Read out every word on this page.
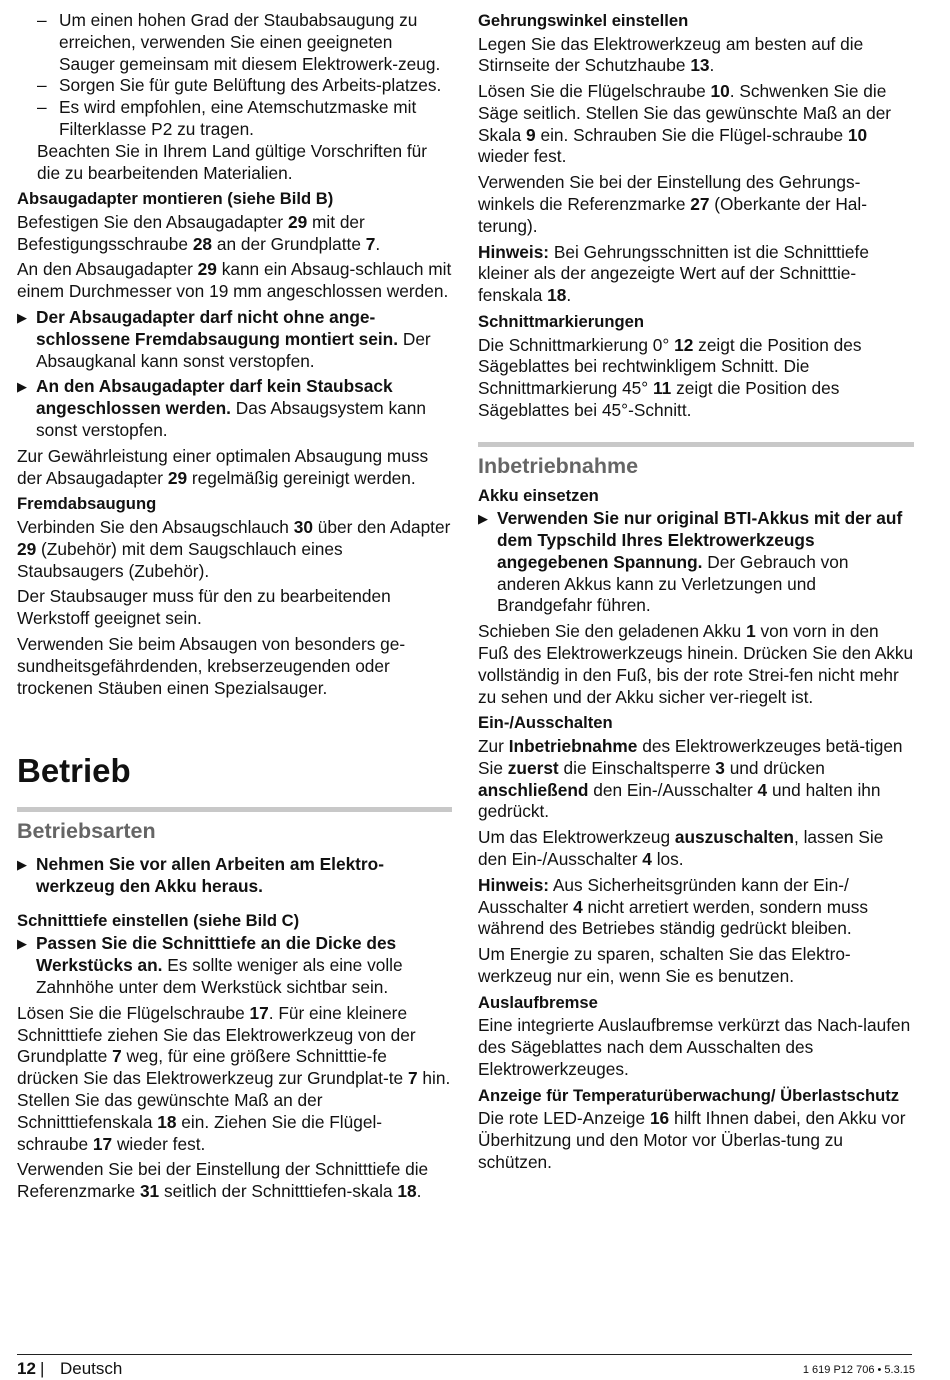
– Um einen hohen Grad der Staubabsaugung zu erreichen, verwenden Sie einen geeigneten Sauger gemeinsam mit diesem Elektrowerk-zeug.
– Sorgen Sie für gute Belüftung des Arbeits-platzes.
– Es wird empfohlen, eine Atemschutzmaske mit Filterklasse P2 zu tragen.

Beachten Sie in Ihrem Land gültige Vorschriften für die zu bearbeitenden Materialien.

Absaugadapter montieren (siehe Bild B)

Befestigen Sie den Absaugadapter 29 mit der Befestigungsschraube 28 an der Grundplatte 7.

An den Absaugadapter 29 kann ein Absaug-schlauch mit einem Durchmesser von 19 mm angeschlossen werden.

▶ Der Absaugadapter darf nicht ohne ange-schlossene Fremdabsaugung montiert sein. Der Absaugkanal kann sonst verstopfen.
▶ An den Absaugadapter darf kein Staubsack angeschlossen werden. Das Absaugsystem kann sonst verstopfen.

Zur Gewährleistung einer optimalen Absaugung muss der Absaugadapter 29 regelmäßig gereinigt werden.

Fremdabsaugung

Verbinden Sie den Absaugschlauch 30 über den Adapter 29 (Zubehör) mit dem Saugschlauch eines Staubsaugers (Zubehör).

Der Staubsauger muss für den zu bearbeitenden Werkstoff geeignet sein.

Verwenden Sie beim Absaugen von besonders ge-sundheitsgefährdenden, krebserzeugenden oder trockenen Stäuben einen Spezialsauger.

Betrieb

Betriebsarten

▶ Nehmen Sie vor allen Arbeiten am Elektro-werkzeug den Akku heraus.

Schnitttiefe einstellen (siehe Bild C)

▶ Passen Sie die Schnitttiefe an die Dicke des Werkstücks an. Es sollte weniger als eine volle Zahnhöhe unter dem Werkstück sichtbar sein.

Lösen Sie die Flügelschraube 17. Für eine kleinere Schnitttiefe ziehen Sie das Elektrowerkzeug von der Grundplatte 7 weg, für eine größere Schnitttie-fe drücken Sie das Elektrowerkzeug zur Grundplat-te 7 hin. Stellen Sie das gewünschte Maß an der Schnitttiefenskala 18 ein. Ziehen Sie die Flügel-schraube 17 wieder fest.

Verwenden Sie bei der Einstellung der Schnitttiefe die Referenzmarke 31 seitlich der Schnitttiefen-skala 18.

Gehrungswinkel einstellen

Legen Sie das Elektrowerkzeug am besten auf die Stirnseite der Schutzhaube 13.

Lösen Sie die Flügelschraube 10. Schwenken Sie die Säge seitlich. Stellen Sie das gewünschte Maß an der Skala 9 ein. Schrauben Sie die Flügel-schraube 10 wieder fest.

Verwenden Sie bei der Einstellung des Gehrungs-winkels die Referenzmarke 27 (Oberkante der Hal-terung).

Hinweis: Bei Gehrungsschnitten ist die Schnitttiefe kleiner als der angezeigte Wert auf der Schnitttie-fenskala 18.

Schnittmarkierungen

Die Schnittmarkierung 0° 12 zeigt die Position des Sägeblattes bei rechtwinkligem Schnitt. Die Schnittmarkierung 45° 11 zeigt die Position des Sägeblattes bei 45°-Schnitt.

Inbetriebnahme

Akku einsetzen

▶ Verwenden Sie nur original BTI-Akkus mit der auf dem Typschild Ihres Elektrowerkzeugs angegebenen Spannung. Der Gebrauch von anderen Akkus kann zu Verletzungen und Brandgefahr führen.

Schieben Sie den geladenen Akku 1 von vorn in den Fuß des Elektrowerkzeugs hinein. Drücken Sie den Akku vollständig in den Fuß, bis der rote Strei-fen nicht mehr zu sehen und der Akku sicher ver-riegelt ist.

Ein-/Ausschalten

Zur Inbetriebnahme des Elektrowerkzeuges betä-tigen Sie zuerst die Einschaltsperre 3 und drücken anschließend den Ein-/Ausschalter 4 und halten ihn gedrückt.

Um das Elektrowerkzeug auszuschalten, lassen Sie den Ein-/Ausschalter 4 los.

Hinweis: Aus Sicherheitsgründen kann der Ein-/ Ausschalter 4 nicht arretiert werden, sondern muss während des Betriebes ständig gedrückt bleiben.

Um Energie zu sparen, schalten Sie das Elektro-werkzeug nur ein, wenn Sie es benutzen.

Auslaufbremse

Eine integrierte Auslaufbremse verkürzt das Nach-laufen des Sägeblattes nach dem Ausschalten des Elektrowerkzeuges.

Anzeige für Temperaturüberwachung/ Überlastschutz

Die rote LED-Anzeige 16 hilft Ihnen dabei, den Akku vor Überhitzung und den Motor vor Überlas-tung zu schützen.

12 | Deutsch	1 619 P12 706 • 5.3.15
